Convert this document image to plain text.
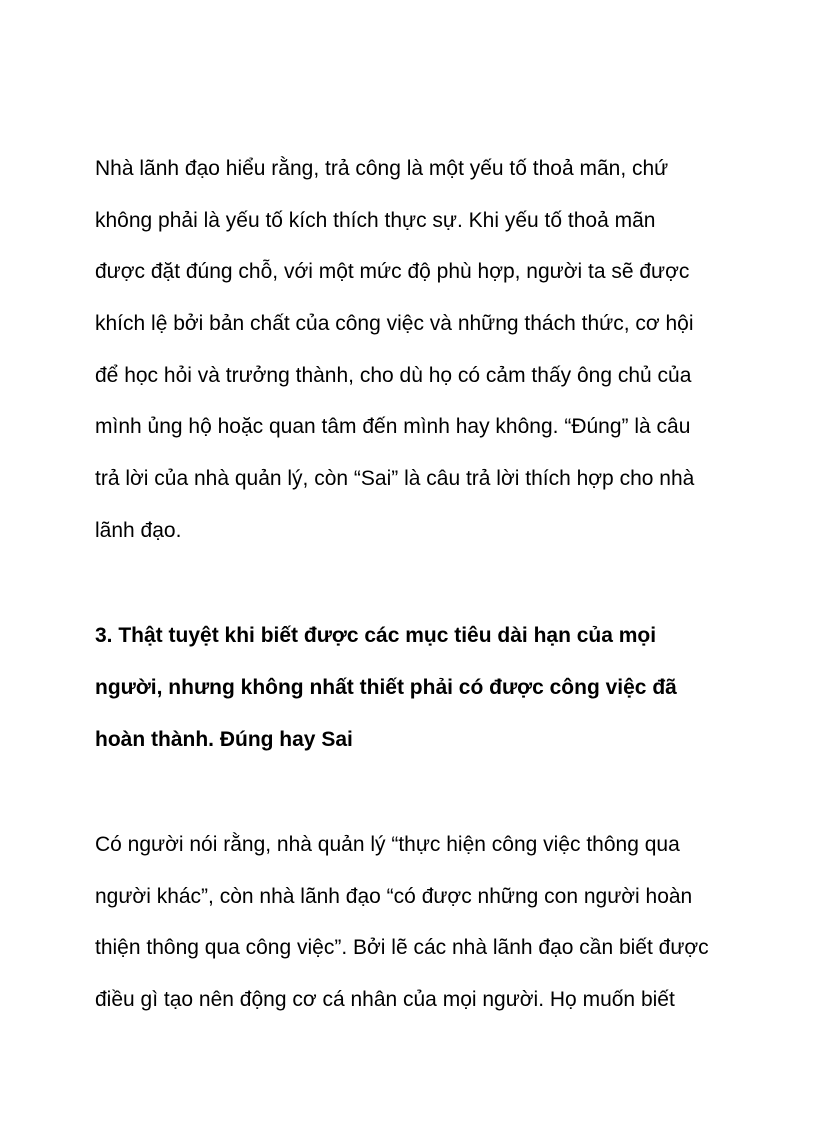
Nhà lãnh đạo hiểu rằng, trả công là một yếu tố thoả mãn, chứ
không phải là yếu tố kích thích thực sự. Khi yếu tố thoả mãn
được đặt đúng chỗ, với một mức độ phù hợp, người ta sẽ được
khích lệ bởi bản chất của công việc và những thách thức, cơ hội
để học hỏi và trưởng thành, cho dù họ có cảm thấy ông chủ của
mình ủng hộ hoặc quan tâm đến mình hay không. “Đúng” là câu
trả lời của nhà quản lý, còn “Sai” là câu trả lời thích hợp cho nhà
lãnh đạo.
3. Thật tuyệt khi biết được các mục tiêu dài hạn của mọi
người, nhưng không nhất thiết phải có được công việc đã
hoàn thành. Đúng hay Sai
Có người nói rằng, nhà quản lý “thực hiện công việc thông qua
người khác”, còn nhà lãnh đạo “có được những con người hoàn
thiện thông qua công việc”. Bởi lẽ các nhà lãnh đạo cần biết được
điều gì tạo nên động cơ cá nhân của mọi người. Họ muốn biết
